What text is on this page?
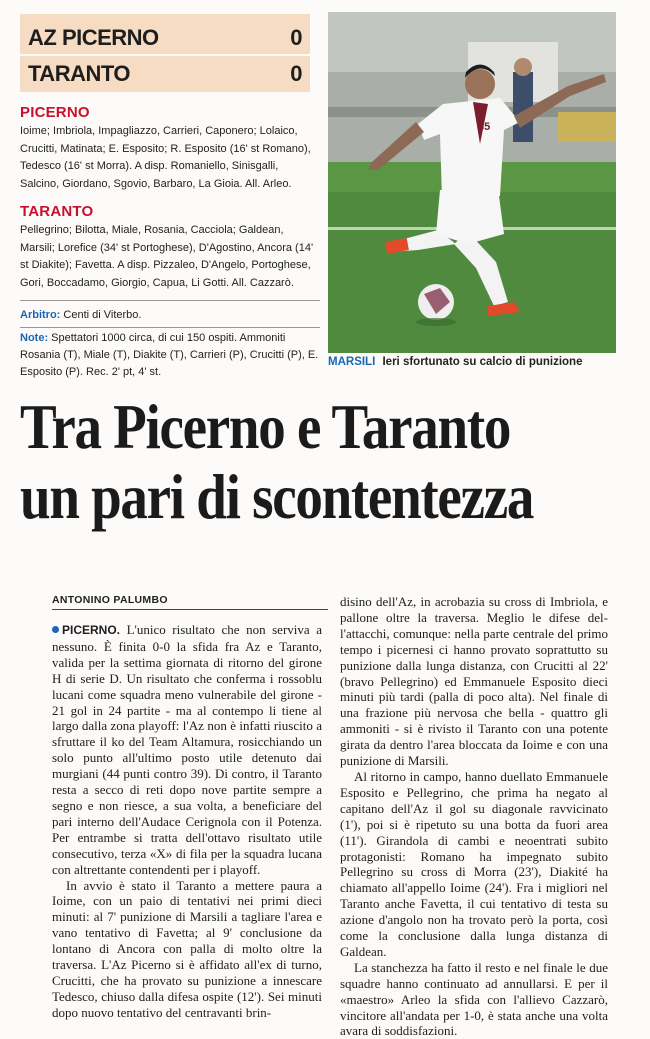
AZ PICERNO	0
TARANTO	0
PICERNO

Ioime; Imbriola, Impagliazzo, Carrieri, Caponero; Lolaico, Crucitti, Matinata; E. Esposito; R. Esposito (16' st Romano), Tedesco (16' st Morra). A disp. Romaniello, Sinisgalli, Salcino, Giordano, Sgovio, Barbaro, La Gioia. All. Arleo.

TARANTO

Pellegrino; Bilotta, Miale, Rosania, Cacciola; Galdean, Marsili; Lorefice (34' st Portoghese), D'Agostino, Ancora (14' st Diakite); Favetta. A disp. Pizzaleo, D'Angelo, Portoghese, Gori, Boccadamo, Giorgio, Capua, Li Gotti. All. Cazzarò.

Arbitro: Centi di Viterbo.

Note: Spettatori 1000 circa, di cui 150 ospiti. Ammoniti Rosania (T), Miale (T), Diakite (T), Carrieri (P), Crucitti (P), E. Esposito (P). Rec. 2' pt, 4' st.

85
MARSILI Ieri sfortunato su calcio di punizione
Tra Picerno e Taranto
un pari di scontentezza
ANTONINO PALUMBO

PICERNO. L'unico risultato che non serviva a nessuno. È finita 0-0 la sfida fra Az e Taranto, valida per la settima giornata di ritorno del girone H di serie D. Un risultato che conferma i rossoblu lucani come squadra meno vulnerabile del girone - 21 gol in 24 partite - ma al contempo li tiene al largo dalla zona playoff: l'Az non è infatti riuscito a sfruttare il ko del Team Altamura, rosicchiando un solo punto all'ultimo posto utile detenuto dai murgiani (44 punti contro 39). Di contro, il Taranto resta a secco di reti dopo nove partite sempre a segno e non riesce, a sua volta, a beneficiare del pari interno dell'Audace Cerignola con il Potenza. Per entrambe si tratta dell'ottavo risultato utile consecutivo, terza «X» di fila per la squadra lucana con altrettante contendenti per i playoff.

In avvio è stato il Taranto a mettere paura a Ioime, con un paio di tentativi nei primi dieci minuti: al 7' punizione di Marsili a tagliare l'area e vano tentativo di Favetta; al 9' conclusione da lontano di Ancora con palla di molto oltre la traversa. L'Az Picerno si è affidato all'ex di turno, Crucitti, che ha provato su punizione a innescare Tedesco, chiuso dalla difesa ospite (12'). Sei minuti dopo nuovo tentativo del centravanti brin-

disino dell'Az, in acrobazia su cross di Imbriola, e pallone oltre la traversa. Meglio le difese del- l'attacchi, comunque: nella parte centrale del primo tempo i picernesi ci hanno provato soprattutto su punizione dalla lunga distanza, con Crucitti al 22' (bravo Pellegrino) ed Emmanuele Esposito dieci minuti più tardi (palla di poco alta). Nel finale di una frazione più nervosa che bella - quattro gli ammoniti - si è rivisto il Taranto con una potente girata da dentro l'area bloccata da Ioime e con una punizione di Marsili.

Al ritorno in campo, hanno duellato Emmanuele Esposito e Pellegrino, che prima ha negato al capitano dell'Az il gol su diagonale ravvicinato (1'), poi si è ripetuto su una botta da fuori area (11'). Girandola di cambi e neoentrati subito protagonisti: Romano ha impegnato subito Pellegrino su cross di Morra (23'), Diakité ha chiamato all'appello Ioime (24'). Fra i migliori nel Taranto anche Favetta, il cui tentativo di testa su azione d'angolo non ha trovato però la porta, così come la conclusione dalla lunga distanza di Galdean.

La stanchezza ha fatto il resto e nel finale le due squadre hanno continuato ad annullarsi. E per il «maestro» Arleo la sfida con l'allievo Cazzarò, vincitore all'andata per 1-0, è stata anche una volta avara di soddisfazioni.
